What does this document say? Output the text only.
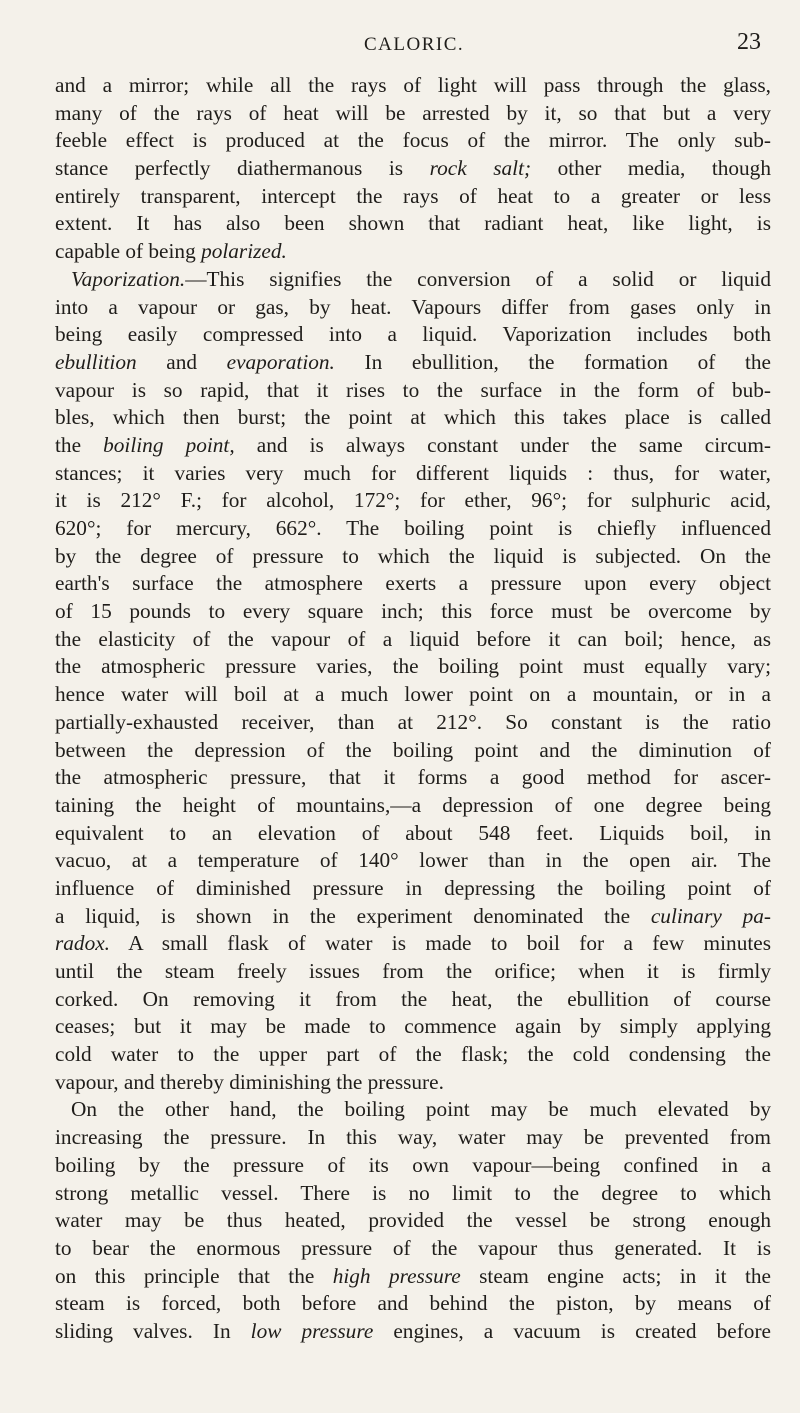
CALORIC.	23
and a mirror; while all the rays of light will pass through the glass,
many of the rays of heat will be arrested by it, so that but a very
feeble effect is produced at the focus of the mirror. The only sub-
stance perfectly diathermanous is rock salt; other media, though
entirely transparent, intercept the rays of heat to a greater or less
extent. It has also been shown that radiant heat, like light, is
capable of being polarized.
Vaporization.—This signifies the conversion of a solid or liquid
into a vapour or gas, by heat. Vapours differ from gases only in
being easily compressed into a liquid. Vaporization includes both
ebullition and evaporation. In ebullition, the formation of the
vapour is so rapid, that it rises to the surface in the form of bub-
bles, which then burst; the point at which this takes place is called
the boiling point, and is always constant under the same circum-
stances; it varies very much for different liquids : thus, for water,
it is 212° F.; for alcohol, 172°; for ether, 96°; for sulphuric acid,
620°; for mercury, 662°. The boiling point is chiefly influenced
by the degree of pressure to which the liquid is subjected. On the
earth's surface the atmosphere exerts a pressure upon every object
of 15 pounds to every square inch; this force must be overcome by
the elasticity of the vapour of a liquid before it can boil; hence, as
the atmospheric pressure varies, the boiling point must equally vary;
hence water will boil at a much lower point on a mountain, or in a
partially-exhausted receiver, than at 212°. So constant is the ratio
between the depression of the boiling point and the diminution of
the atmospheric pressure, that it forms a good method for ascer-
taining the height of mountains,—a depression of one degree being
equivalent to an elevation of about 548 feet. Liquids boil, in
vacuo, at a temperature of 140° lower than in the open air. The
influence of diminished pressure in depressing the boiling point of
a liquid, is shown in the experiment denominated the culinary pa-
radox. A small flask of water is made to boil for a few minutes
until the steam freely issues from the orifice; when it is firmly
corked. On removing it from the heat, the ebullition of course
ceases; but it may be made to commence again by simply applying
cold water to the upper part of the flask; the cold condensing the
vapour, and thereby diminishing the pressure.
On the other hand, the boiling point may be much elevated by
increasing the pressure. In this way, water may be prevented from
boiling by the pressure of its own vapour—being confined in a
strong metallic vessel. There is no limit to the degree to which
water may be thus heated, provided the vessel be strong enough
to bear the enormous pressure of the vapour thus generated. It is
on this principle that the high pressure steam engine acts; in it the
steam is forced, both before and behind the piston, by means of
sliding valves. In low pressure engines, a vacuum is created before
